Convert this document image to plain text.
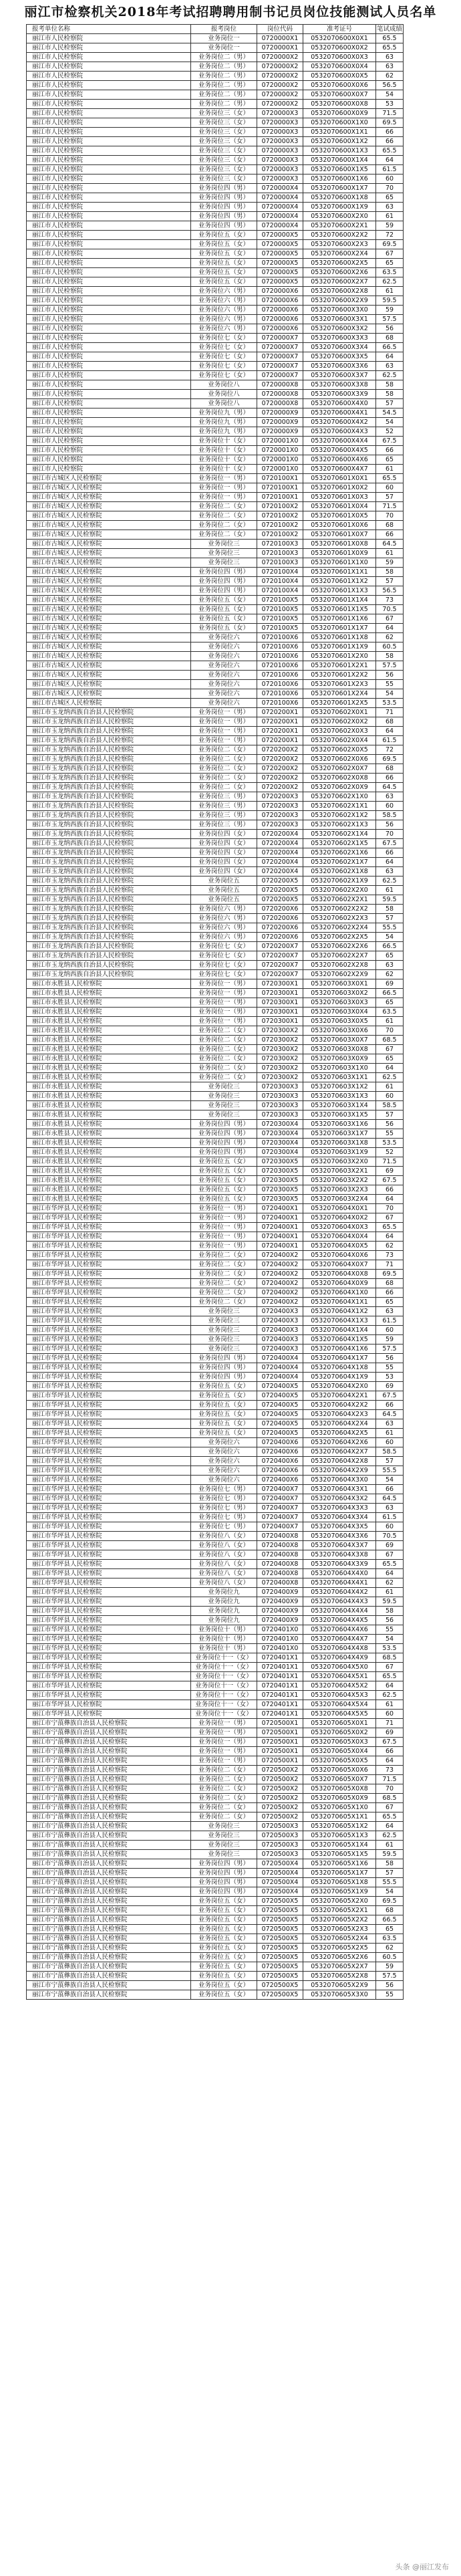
丽江市检察机关2018年考试招聘聘用制书记员岗位技能测试人员名单
报考单位名称	报考岗位	岗位代码	准考证号	笔试成绩
丽江市人民检察院	业务岗位一	0720000X1	0532070600X0X1	65.5
丽江市人民检察院	业务岗位一	0720000X1	0532070600X0X2	65.5
丽江市人民检察院	业务岗位二（男）	0720000X2	0532070600X0X3	63
丽江市人民检察院	业务岗位二（男）	0720000X2	0532070600X0X4	63
丽江市人民检察院	业务岗位二（男）	0720000X2	0532070600X0X5	62
丽江市人民检察院	业务岗位二（男）	0720000X2	0532070600X0X6	56.5
丽江市人民检察院	业务岗位二（男）	0720000X2	0532070600X0X7	54
丽江市人民检察院	业务岗位二（男）	0720000X2	0532070600X0X8	53
丽江市人民检察院	业务岗位三（女）	0720000X3	0532070600X0X9	71.5
丽江市人民检察院	业务岗位三（女）	0720000X3	0532070600X1X0	69.5
丽江市人民检察院	业务岗位三（女）	0720000X3	0532070600X1X1	66
丽江市人民检察院	业务岗位三（女）	0720000X3	0532070600X1X2	66
丽江市人民检察院	业务岗位三（女）	0720000X3	0532070600X1X3	65.5
丽江市人民检察院	业务岗位三（女）	0720000X3	0532070600X1X4	64
丽江市人民检察院	业务岗位三（女）	0720000X3	0532070600X1X5	61.5
丽江市人民检察院	业务岗位三（女）	0720000X3	0532070600X1X6	60
丽江市人民检察院	业务岗位四（男）	0720000X4	0532070600X1X7	70
丽江市人民检察院	业务岗位四（男）	0720000X4	0532070600X1X8	65
丽江市人民检察院	业务岗位四（男）	0720000X4	0532070600X1X9	63
丽江市人民检察院	业务岗位四（男）	0720000X4	0532070600X2X0	61
丽江市人民检察院	业务岗位四（男）	0720000X4	0532070600X2X1	59
丽江市人民检察院	业务岗位五（女）	0720000X5	0532070600X2X2	72
丽江市人民检察院	业务岗位五（女）	0720000X5	0532070600X2X3	69.5
丽江市人民检察院	业务岗位五（女）	0720000X5	0532070600X2X4	67
丽江市人民检察院	业务岗位五（女）	0720000X5	0532070600X2X5	65
丽江市人民检察院	业务岗位五（女）	0720000X5	0532070600X2X6	63.5
丽江市人民检察院	业务岗位五（女）	0720000X5	0532070600X2X7	62.5
丽江市人民检察院	业务岗位六（男）	0720000X6	0532070600X2X8	61
丽江市人民检察院	业务岗位六（男）	0720000X6	0532070600X2X9	59.5
丽江市人民检察院	业务岗位六（男）	0720000X6	0532070600X3X0	59
丽江市人民检察院	业务岗位六（男）	0720000X6	0532070600X3X1	57.5
丽江市人民检察院	业务岗位六（男）	0720000X6	0532070600X3X2	56
丽江市人民检察院	业务岗位七（女）	0720000X7	0532070600X3X3	68
丽江市人民检察院	业务岗位七（女）	0720000X7	0532070600X3X4	66.5
丽江市人民检察院	业务岗位七（女）	0720000X7	0532070600X3X5	64
丽江市人民检察院	业务岗位七（女）	0720000X7	0532070600X3X6	63
丽江市人民检察院	业务岗位七（女）	0720000X7	0532070600X3X7	62.5
丽江市人民检察院	业务岗位八	0720000X8	0532070600X3X8	58
丽江市人民检察院	业务岗位八	0720000X8	0532070600X3X9	58
丽江市人民检察院	业务岗位八	0720000X8	0532070600X4X0	57
丽江市人民检察院	业务岗位九（男）	0720000X9	0532070600X4X1	54.5
丽江市人民检察院	业务岗位九（男）	0720000X9	0532070600X4X2	54
丽江市人民检察院	业务岗位九（男）	0720000X9	0532070600X4X3	52
丽江市人民检察院	业务岗位十（女）	0720001X0	0532070600X4X4	67.5
丽江市人民检察院	业务岗位十（女）	0720001X0	0532070600X4X5	66
丽江市人民检察院	业务岗位十（女）	0720001X0	0532070600X4X6	65
丽江市人民检察院	业务岗位十（女）	0720001X0	0532070600X4X7	61
丽江市古城区人民检察院	业务岗位一（男）	0720100X1	0532070601X0X1	65.5
丽江市古城区人民检察院	业务岗位一（男）	0720100X1	0532070601X0X2	60
丽江市古城区人民检察院	业务岗位一（男）	0720100X1	0532070601X0X3	57
丽江市古城区人民检察院	业务岗位二（女）	0720100X2	0532070601X0X4	71.5
丽江市古城区人民检察院	业务岗位二（女）	0720100X2	0532070601X0X5	70
丽江市古城区人民检察院	业务岗位二（女）	0720100X2	0532070601X0X6	68
丽江市古城区人民检察院	业务岗位二（女）	0720100X2	0532070601X0X7	66
丽江市古城区人民检察院	业务岗位三	0720100X3	0532070601X0X8	64.5
丽江市古城区人民检察院	业务岗位三	0720100X3	0532070601X0X9	61
丽江市古城区人民检察院	业务岗位三	0720100X3	0532070601X1X0	59
丽江市古城区人民检察院	业务岗位四（男）	0720100X4	0532070601X1X1	58
丽江市古城区人民检察院	业务岗位四（男）	0720100X4	0532070601X1X2	57
丽江市古城区人民检察院	业务岗位四（男）	0720100X4	0532070601X1X3	56.5
丽江市古城区人民检察院	业务岗位五（女）	0720100X5	0532070601X1X4	73
丽江市古城区人民检察院	业务岗位五（女）	0720100X5	0532070601X1X5	70.5
丽江市古城区人民检察院	业务岗位五（女）	0720100X5	0532070601X1X6	67
丽江市古城区人民检察院	业务岗位五（女）	0720100X5	0532070601X1X7	64
丽江市古城区人民检察院	业务岗位六	0720100X6	0532070601X1X8	62
丽江市古城区人民检察院	业务岗位六	0720100X6	0532070601X1X9	60.5
丽江市古城区人民检察院	业务岗位六	0720100X6	0532070601X2X0	58
丽江市古城区人民检察院	业务岗位六	0720100X6	0532070601X2X1	57.5
丽江市古城区人民检察院	业务岗位六	0720100X6	0532070601X2X2	56
丽江市古城区人民检察院	业务岗位六	0720100X6	0532070601X2X3	55
丽江市古城区人民检察院	业务岗位六	0720100X6	0532070601X2X4	54
丽江市古城区人民检察院	业务岗位六	0720100X6	0532070601X2X5	53.5
丽江市玉龙纳西族自治县人民检察院	业务岗位一（男）	0720200X1	0532070602X0X1	71
丽江市玉龙纳西族自治县人民检察院	业务岗位一（男）	0720200X1	0532070602X0X2	68
丽江市玉龙纳西族自治县人民检察院	业务岗位一（男）	0720200X1	0532070602X0X3	64
丽江市玉龙纳西族自治县人民检察院	业务岗位一（男）	0720200X1	0532070602X0X4	61.5
丽江市玉龙纳西族自治县人民检察院	业务岗位二（女）	0720200X2	0532070602X0X5	72
丽江市玉龙纳西族自治县人民检察院	业务岗位二（女）	0720200X2	0532070602X0X6	69.5
丽江市玉龙纳西族自治县人民检察院	业务岗位二（女）	0720200X2	0532070602X0X7	68
丽江市玉龙纳西族自治县人民检察院	业务岗位二（女）	0720200X2	0532070602X0X8	66
丽江市玉龙纳西族自治县人民检察院	业务岗位二（女）	0720200X2	0532070602X0X9	64.5
丽江市玉龙纳西族自治县人民检察院	业务岗位三（男）	0720200X3	0532070602X1X0	63
丽江市玉龙纳西族自治县人民检察院	业务岗位三（男）	0720200X3	0532070602X1X1	60
丽江市玉龙纳西族自治县人民检察院	业务岗位三（男）	0720200X3	0532070602X1X2	58.5
丽江市玉龙纳西族自治县人民检察院	业务岗位三（男）	0720200X3	0532070602X1X3	56
丽江市玉龙纳西族自治县人民检察院	业务岗位四（女）	0720200X4	0532070602X1X4	70
丽江市玉龙纳西族自治县人民检察院	业务岗位四（女）	0720200X4	0532070602X1X5	67.5
丽江市玉龙纳西族自治县人民检察院	业务岗位四（女）	0720200X4	0532070602X1X6	66
丽江市玉龙纳西族自治县人民检察院	业务岗位四（女）	0720200X4	0532070602X1X7	64
丽江市玉龙纳西族自治县人民检察院	业务岗位四（女）	0720200X4	0532070602X1X8	63
丽江市玉龙纳西族自治县人民检察院	业务岗位五	0720200X5	0532070602X1X9	62.5
丽江市玉龙纳西族自治县人民检察院	业务岗位五	0720200X5	0532070602X2X0	61
丽江市玉龙纳西族自治县人民检察院	业务岗位五	0720200X5	0532070602X2X1	59.5
丽江市玉龙纳西族自治县人民检察院	业务岗位六（男）	0720200X6	0532070602X2X2	58
丽江市玉龙纳西族自治县人民检察院	业务岗位六（男）	0720200X6	0532070602X2X3	57
丽江市玉龙纳西族自治县人民检察院	业务岗位六（男）	0720200X6	0532070602X2X4	55.5
丽江市玉龙纳西族自治县人民检察院	业务岗位六（男）	0720200X6	0532070602X2X5	54
丽江市玉龙纳西族自治县人民检察院	业务岗位七（女）	0720200X7	0532070602X2X6	66.5
丽江市玉龙纳西族自治县人民检察院	业务岗位七（女）	0720200X7	0532070602X2X7	65
丽江市玉龙纳西族自治县人民检察院	业务岗位七（女）	0720200X7	0532070602X2X8	63
丽江市玉龙纳西族自治县人民检察院	业务岗位七（女）	0720200X7	0532070602X2X9	62
丽江市永胜县人民检察院	业务岗位一（男）	0720300X1	0532070603X0X1	69
丽江市永胜县人民检察院	业务岗位一（男）	0720300X1	0532070603X0X2	66.5
丽江市永胜县人民检察院	业务岗位一（男）	0720300X1	0532070603X0X3	65
丽江市永胜县人民检察院	业务岗位一（男）	0720300X1	0532070603X0X4	63.5
丽江市永胜县人民检察院	业务岗位一（男）	0720300X1	0532070603X0X5	61
丽江市永胜县人民检察院	业务岗位二（女）	0720300X2	0532070603X0X6	70
丽江市永胜县人民检察院	业务岗位二（女）	0720300X2	0532070603X0X7	68.5
丽江市永胜县人民检察院	业务岗位二（女）	0720300X2	0532070603X0X8	67
丽江市永胜县人民检察院	业务岗位二（女）	0720300X2	0532070603X0X9	65
丽江市永胜县人民检察院	业务岗位二（女）	0720300X2	0532070603X1X0	64
丽江市永胜县人民检察院	业务岗位二（女）	0720300X2	0532070603X1X1	62.5
丽江市永胜县人民检察院	业务岗位三	0720300X3	0532070603X1X2	61
丽江市永胜县人民检察院	业务岗位三	0720300X3	0532070603X1X3	60
丽江市永胜县人民检察院	业务岗位三	0720300X3	0532070603X1X4	58.5
丽江市永胜县人民检察院	业务岗位三	0720300X3	0532070603X1X5	57
丽江市永胜县人民检察院	业务岗位四（男）	0720300X4	0532070603X1X6	56
丽江市永胜县人民检察院	业务岗位四（男）	0720300X4	0532070603X1X7	55
丽江市永胜县人民检察院	业务岗位四（男）	0720300X4	0532070603X1X8	53.5
丽江市永胜县人民检察院	业务岗位四（男）	0720300X4	0532070603X1X9	52
丽江市永胜县人民检察院	业务岗位五（女）	0720300X5	0532070603X2X0	71.5
丽江市永胜县人民检察院	业务岗位五（女）	0720300X5	0532070603X2X1	69
丽江市永胜县人民检察院	业务岗位五（女）	0720300X5	0532070603X2X2	67.5
丽江市永胜县人民检察院	业务岗位五（女）	0720300X5	0532070603X2X3	66
丽江市永胜县人民检察院	业务岗位五（女）	0720300X5	0532070603X2X4	64
丽江市华坪县人民检察院	业务岗位一（男）	0720400X1	0532070604X0X1	70
丽江市华坪县人民检察院	业务岗位一（男）	0720400X1	0532070604X0X2	67
丽江市华坪县人民检察院	业务岗位一（男）	0720400X1	0532070604X0X3	65.5
丽江市华坪县人民检察院	业务岗位一（男）	0720400X1	0532070604X0X4	64
丽江市华坪县人民检察院	业务岗位一（男）	0720400X1	0532070604X0X5	62
丽江市华坪县人民检察院	业务岗位二（女）	0720400X2	0532070604X0X6	73
丽江市华坪县人民检察院	业务岗位二（女）	0720400X2	0532070604X0X7	71
丽江市华坪县人民检察院	业务岗位二（女）	0720400X2	0532070604X0X8	69.5
丽江市华坪县人民检察院	业务岗位二（女）	0720400X2	0532070604X0X9	68
丽江市华坪县人民检察院	业务岗位二（女）	0720400X2	0532070604X1X0	66
丽江市华坪县人民检察院	业务岗位二（女）	0720400X2	0532070604X1X1	65
丽江市华坪县人民检察院	业务岗位三	0720400X3	0532070604X1X2	63
丽江市华坪县人民检察院	业务岗位三	0720400X3	0532070604X1X3	61.5
丽江市华坪县人民检察院	业务岗位三	0720400X3	0532070604X1X4	60
丽江市华坪县人民检察院	业务岗位三	0720400X3	0532070604X1X5	59
丽江市华坪县人民检察院	业务岗位三	0720400X3	0532070604X1X6	57.5
丽江市华坪县人民检察院	业务岗位四（男）	0720400X4	0532070604X1X7	56
丽江市华坪县人民检察院	业务岗位四（男）	0720400X4	0532070604X1X8	55
丽江市华坪县人民检察院	业务岗位四（男）	0720400X4	0532070604X1X9	53
丽江市华坪县人民检察院	业务岗位五（女）	0720400X5	0532070604X2X0	69
丽江市华坪县人民检察院	业务岗位五（女）	0720400X5	0532070604X2X1	67.5
丽江市华坪县人民检察院	业务岗位五（女）	0720400X5	0532070604X2X2	66
丽江市华坪县人民检察院	业务岗位五（女）	0720400X5	0532070604X2X3	64.5
丽江市华坪县人民检察院	业务岗位五（女）	0720400X5	0532070604X2X4	63
丽江市华坪县人民检察院	业务岗位五（女）	0720400X5	0532070604X2X5	61
丽江市华坪县人民检察院	业务岗位六	0720400X6	0532070604X2X6	60
丽江市华坪县人民检察院	业务岗位六	0720400X6	0532070604X2X7	58.5
丽江市华坪县人民检察院	业务岗位六	0720400X6	0532070604X2X8	57
丽江市华坪县人民检察院	业务岗位六	0720400X6	0532070604X2X9	55.5
丽江市华坪县人民检察院	业务岗位六	0720400X6	0532070604X3X0	54
丽江市华坪县人民检察院	业务岗位七（男）	0720400X7	0532070604X3X1	66
丽江市华坪县人民检察院	业务岗位七（男）	0720400X7	0532070604X3X2	64.5
丽江市华坪县人民检察院	业务岗位七（男）	0720400X7	0532070604X3X3	63
丽江市华坪县人民检察院	业务岗位七（男）	0720400X7	0532070604X3X4	61.5
丽江市华坪县人民检察院	业务岗位七（男）	0720400X7	0532070604X3X5	60
丽江市华坪县人民检察院	业务岗位八（女）	0720400X8	0532070604X3X6	70.5
丽江市华坪县人民检察院	业务岗位八（女）	0720400X8	0532070604X3X7	69
丽江市华坪县人民检察院	业务岗位八（女）	0720400X8	0532070604X3X8	67
丽江市华坪县人民检察院	业务岗位八（女）	0720400X8	0532070604X3X9	65.5
丽江市华坪县人民检察院	业务岗位八（女）	0720400X8	0532070604X4X0	64
丽江市华坪县人民检察院	业务岗位八（女）	0720400X8	0532070604X4X1	62
丽江市华坪县人民检察院	业务岗位九	0720400X9	0532070604X4X2	61
丽江市华坪县人民检察院	业务岗位九	0720400X9	0532070604X4X3	59.5
丽江市华坪县人民检察院	业务岗位九	0720400X9	0532070604X4X4	58
丽江市华坪县人民检察院	业务岗位九	0720400X9	0532070604X4X5	56
丽江市华坪县人民检察院	业务岗位十（男）	0720401X0	0532070604X4X6	55
丽江市华坪县人民检察院	业务岗位十（男）	0720401X0	0532070604X4X7	54
丽江市华坪县人民检察院	业务岗位十（男）	0720401X0	0532070604X4X8	53.5
丽江市华坪县人民检察院	业务岗位十一（女）	0720401X1	0532070604X4X9	68.5
丽江市华坪县人民检察院	业务岗位十一（女）	0720401X1	0532070604X5X0	67
丽江市华坪县人民检察院	业务岗位十一（女）	0720401X1	0532070604X5X1	65.5
丽江市华坪县人民检察院	业务岗位十一（女）	0720401X1	0532070604X5X2	64
丽江市华坪县人民检察院	业务岗位十一（女）	0720401X1	0532070604X5X3	62.5
丽江市华坪县人民检察院	业务岗位十一（女）	0720401X1	0532070604X5X4	61
丽江市华坪县人民检察院	业务岗位十一（女）	0720401X1	0532070604X5X5	60
丽江市宁蒗彝族自治县人民检察院	业务岗位一（男）	0720500X1	0532070605X0X1	71
丽江市宁蒗彝族自治县人民检察院	业务岗位一（男）	0720500X1	0532070605X0X2	69
丽江市宁蒗彝族自治县人民检察院	业务岗位一（男）	0720500X1	0532070605X0X3	67.5
丽江市宁蒗彝族自治县人民检察院	业务岗位一（男）	0720500X1	0532070605X0X4	66
丽江市宁蒗彝族自治县人民检察院	业务岗位一（男）	0720500X1	0532070605X0X5	64
丽江市宁蒗彝族自治县人民检察院	业务岗位二（女）	0720500X2	0532070605X0X6	73
丽江市宁蒗彝族自治县人民检察院	业务岗位二（女）	0720500X2	0532070605X0X7	71.5
丽江市宁蒗彝族自治县人民检察院	业务岗位二（女）	0720500X2	0532070605X0X8	70
丽江市宁蒗彝族自治县人民检察院	业务岗位二（女）	0720500X2	0532070605X0X9	68.5
丽江市宁蒗彝族自治县人民检察院	业务岗位二（女）	0720500X2	0532070605X1X0	67
丽江市宁蒗彝族自治县人民检察院	业务岗位二（女）	0720500X2	0532070605X1X1	65.5
丽江市宁蒗彝族自治县人民检察院	业务岗位三	0720500X3	0532070605X1X2	64
丽江市宁蒗彝族自治县人民检察院	业务岗位三	0720500X3	0532070605X1X3	62.5
丽江市宁蒗彝族自治县人民检察院	业务岗位三	0720500X3	0532070605X1X4	61
丽江市宁蒗彝族自治县人民检察院	业务岗位三	0720500X3	0532070605X1X5	59.5
丽江市宁蒗彝族自治县人民检察院	业务岗位四（男）	0720500X4	0532070605X1X6	58
丽江市宁蒗彝族自治县人民检察院	业务岗位四（男）	0720500X4	0532070605X1X7	57
丽江市宁蒗彝族自治县人民检察院	业务岗位四（男）	0720500X4	0532070605X1X8	55.5
丽江市宁蒗彝族自治县人民检察院	业务岗位四（男）	0720500X4	0532070605X1X9	54
丽江市宁蒗彝族自治县人民检察院	业务岗位五（女）	0720500X5	0532070605X2X0	69.5
丽江市宁蒗彝族自治县人民检察院	业务岗位五（女）	0720500X5	0532070605X2X1	68
丽江市宁蒗彝族自治县人民检察院	业务岗位五（女）	0720500X5	0532070605X2X2	66.5
丽江市宁蒗彝族自治县人民检察院	业务岗位五（女）	0720500X5	0532070605X2X3	65
丽江市宁蒗彝族自治县人民检察院	业务岗位五（女）	0720500X5	0532070605X2X4	63.5
丽江市宁蒗彝族自治县人民检察院	业务岗位五（女）	0720500X5	0532070605X2X5	62
丽江市宁蒗彝族自治县人民检察院	业务岗位五（女）	0720500X5	0532070605X2X6	60.5
丽江市宁蒗彝族自治县人民检察院	业务岗位五（女）	0720500X5	0532070605X2X7	59
丽江市宁蒗彝族自治县人民检察院	业务岗位五（女）	0720500X5	0532070605X2X8	57.5
丽江市宁蒗彝族自治县人民检察院	业务岗位五（女）	0720500X5	0532070605X2X9	56
丽江市宁蒗彝族自治县人民检察院	业务岗位五（女）	0720500X5	0532070605X3X0	55
头条 @丽江发布
